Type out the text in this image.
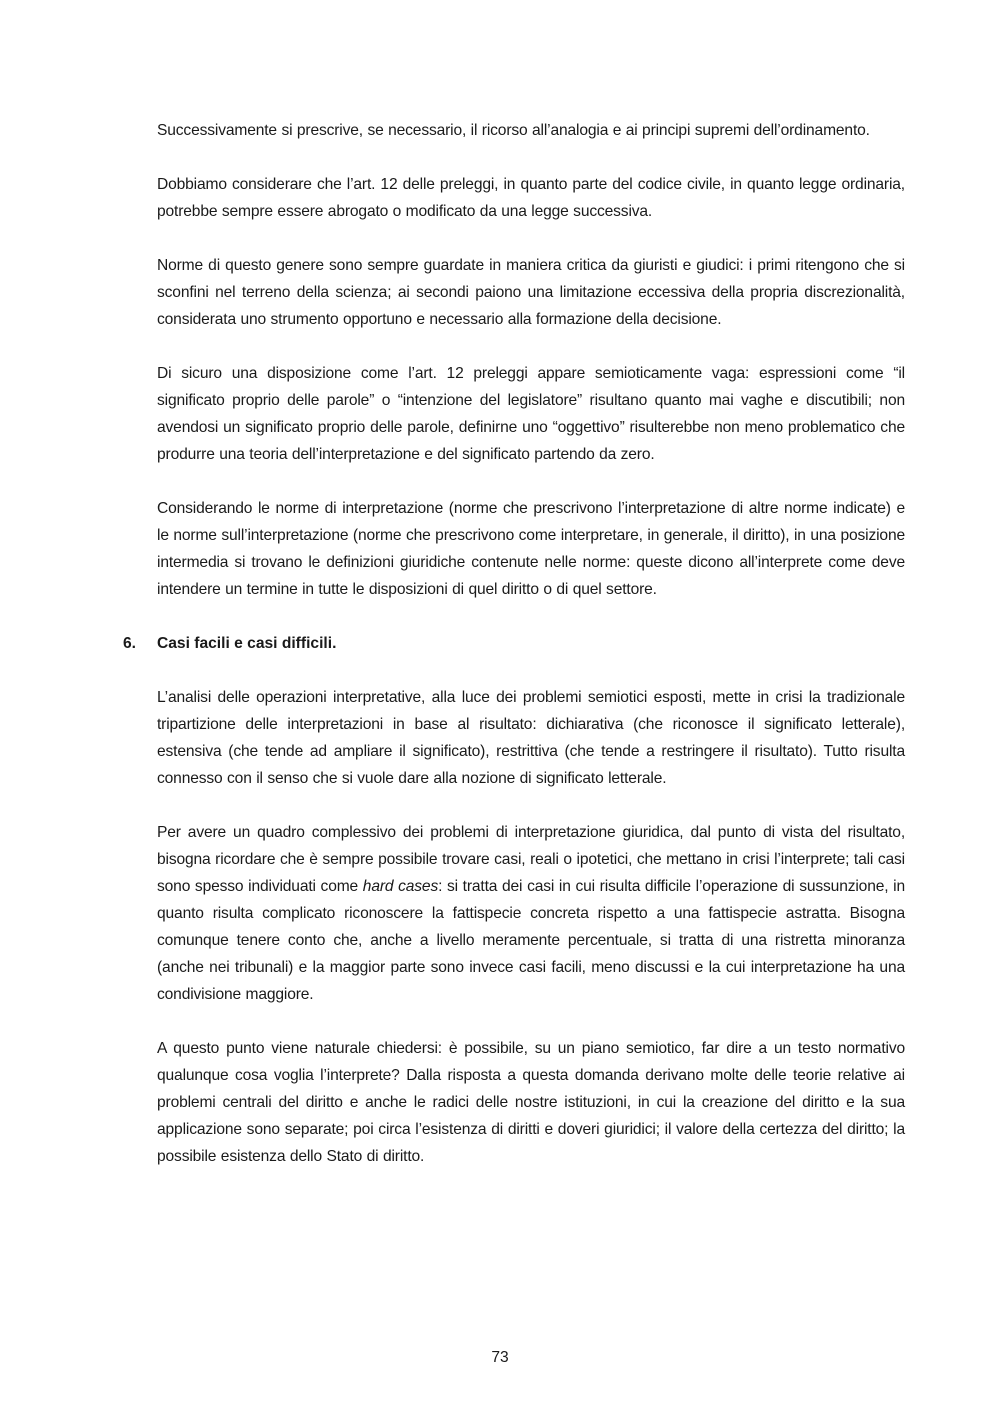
Successivamente si prescrive, se necessario, il ricorso all’analogia e ai principi supremi dell’ordinamento.

Dobbiamo considerare che l’art. 12 delle preleggi, in quanto parte del codice civile, in quanto legge ordinaria, potrebbe sempre essere abrogato o modificato da una legge successiva.

Norme di questo genere sono sempre guardate in maniera critica da giuristi e giudici: i primi ritengono che si sconfini nel terreno della scienza; ai secondi paiono una limitazione eccessiva della propria discrezionalità, considerata uno strumento opportuno e necessario alla formazione della decisione.

Di sicuro una disposizione come l’art. 12 preleggi appare semioticamente vaga: espressioni come “il significato proprio delle parole” o “intenzione del legislatore” risultano quanto mai vaghe e discutibili; non avendosi un significato proprio delle parole, definirne uno “oggettivo” risulterebbe non meno problematico che produrre una teoria dell’interpretazione e del significato partendo da zero.

Considerando le norme di interpretazione (norme che prescrivono l’interpretazione di altre norme indicate) e le norme sull’interpretazione (norme che prescrivono come interpretare, in generale, il diritto), in una posizione intermedia si trovano le definizioni giuridiche contenute nelle norme: queste dicono all’interprete come deve intendere un termine in tutte le disposizioni di quel diritto o di quel settore.

6. Casi facili e casi difficili.

L’analisi delle operazioni interpretative, alla luce dei problemi semiotici esposti, mette in crisi la tradizionale tripartizione delle interpretazioni in base al risultato: dichiarativa (che riconosce il significato letterale), estensiva (che tende ad ampliare il significato), restrittiva (che tende a restringere il risultato). Tutto risulta connesso con il senso che si vuole dare alla nozione di significato letterale.

Per avere un quadro complessivo dei problemi di interpretazione giuridica, dal punto di vista del risultato, bisogna ricordare che è sempre possibile trovare casi, reali o ipotetici, che mettano in crisi l’interprete; tali casi sono spesso individuati come hard cases: si tratta dei casi in cui risulta difficile l’operazione di sussunzione, in quanto risulta complicato riconoscere la fattispecie concreta rispetto a una fattispecie astratta. Bisogna comunque tenere conto che, anche a livello meramente percentuale, si tratta di una ristretta minoranza (anche nei tribunali) e la maggior parte sono invece casi facili, meno discussi e la cui interpretazione ha una condivisione maggiore.

A questo punto viene naturale chiedersi: è possibile, su un piano semiotico, far dire a un testo normativo qualunque cosa voglia l’interprete? Dalla risposta a questa domanda derivano molte delle teorie relative ai problemi centrali del diritto e anche le radici delle nostre istituzioni, in cui la creazione del diritto e la sua applicazione sono separate; poi circa l’esistenza di diritti e doveri giuridici; il valore della certezza del diritto; la possibile esistenza dello Stato di diritto.

73
